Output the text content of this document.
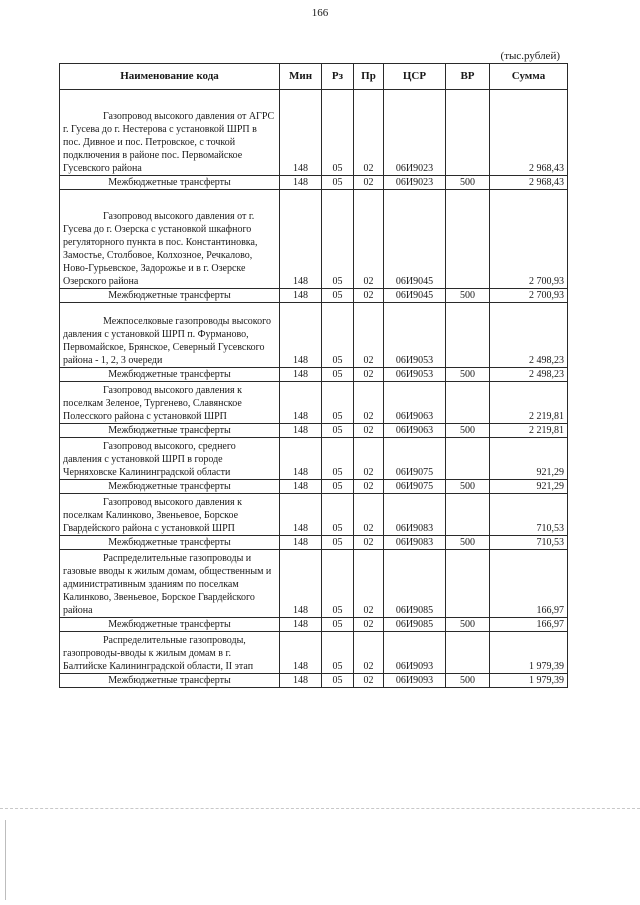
166
(тыс.рублей)
Наименование кода	Мин	Рз	Пр	ЦСР	ВР	Сумма

Газопровод высокого давления от АГРС г. Гусева до г. Нестерова с установкой ШРП в пос. Дивное и пос. Петровское, с точкой подключения в районе пос. Первомайское Гусевского района	148	05	02	06И9023		2 968,43
Межбюджетные трансферты	148	05	02	06И9023	500	2 968,43

Газопровод высокого давления от г. Гусева до г. Озерска с установкой шкафного регуляторного пункта в пос. Константиновка, Замостье, Столбовое, Колхозное, Речкалово, Ново-Гурьевское, Задорожье и в г. Озерске Озерского района	148	05	02	06И9045		2 700,93
Межбюджетные трансферты	148	05	02	06И9045	500	2 700,93

Межпоселковые газопроводы высокого давления с установкой ШРП п. Фурманово, Первомайское, Брянское, Северный Гусевского района - 1, 2, 3 очереди	148	05	02	06И9053		2 498,23
Межбюджетные трансферты	148	05	02	06И9053	500	2 498,23

Газопровод высокого давления к поселкам Зеленое, Тургенево, Славянское Полесского района с установкой ШРП	148	05	02	06И9063		2 219,81
Межбюджетные трансферты	148	05	02	06И9063	500	2 219,81

Газопровод высокого, среднего давления с установкой ШРП в городе Черняховске Калининградской области	148	05	02	06И9075		921,29
Межбюджетные трансферты	148	05	02	06И9075	500	921,29

Газопровод высокого давления к поселкам Калинково, Звеньевое, Борское Гвардейского района с установкой ШРП	148	05	02	06И9083		710,53
Межбюджетные трансферты	148	05	02	06И9083	500	710,53

Распределительные газопроводы и газовые вводы к жилым домам, общественным и административным зданиям по поселкам Калинково, Звеньевое, Борское Гвардейского района	148	05	02	06И9085		166,97
Межбюджетные трансферты	148	05	02	06И9085	500	166,97

Распределительные газопроводы, газопроводы-вводы к жилым домам в г. Балтийске Калининградской области, II этап	148	05	02	06И9093		1 979,39
Межбюджетные трансферты	148	05	02	06И9093	500	1 979,39
